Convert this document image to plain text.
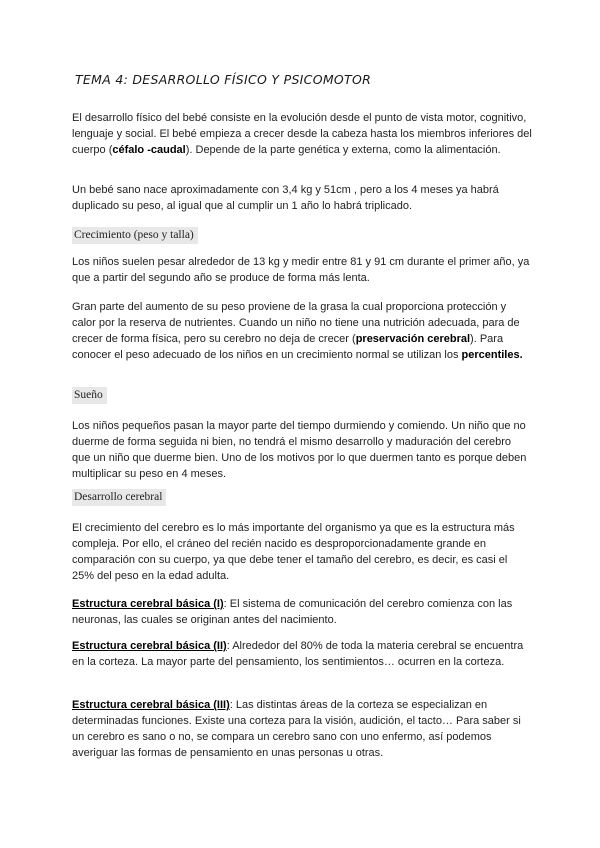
TEMA 4: DESARROLLO FÍSICO Y PSICOMOTOR

El desarrollo físico del bebé consiste en la evolución desde el punto de vista motor, cognitivo, lenguaje y social. El bebé empieza a crecer desde la cabeza hasta los miembros inferiores del cuerpo (céfalo -caudal). Depende de la parte genética y externa, como la alimentación.

Un bebé sano nace aproximadamente con 3,4 kg y 51cm , pero a los 4 meses ya habrá duplicado su peso, al igual que al cumplir un 1 año lo habrá triplicado.

Crecimiento (peso y talla)

Los niños suelen pesar alrededor de 13 kg y medir entre 81 y 91 cm durante el primer año, ya que a partir del segundo año se produce de forma más lenta.

Gran parte del aumento de su peso proviene de la grasa la cual proporciona protección y calor por la reserva de nutrientes. Cuando un niño no tiene una nutrición adecuada, para de crecer de forma física, pero su cerebro no deja de crecer (preservación cerebral). Para conocer el peso adecuado de los niños en un crecimiento normal se utilizan los percentiles.

Sueño

Los niños pequeños pasan la mayor parte del tiempo durmiendo y comiendo. Un niño que no duerme de forma seguida ni bien, no tendrá el mismo desarrollo y maduración del cerebro que un niño que duerme bien. Uno de los motivos por lo que duermen tanto es porque deben multiplicar su peso en 4 meses.

Desarrollo cerebral

El crecimiento del cerebro es lo más importante del organismo ya que es la estructura más compleja. Por ello, el cráneo del recién nacido es desproporcionadamente grande en comparación con su cuerpo, ya que debe tener el tamaño del cerebro, es decir, es casi el 25% del peso en la edad adulta.

Estructura cerebral básica (I): El sistema de comunicación del cerebro comienza con las neuronas, las cuales se originan antes del nacimiento.

Estructura cerebral básica (II): Alrededor del 80% de toda la materia cerebral se encuentra en la corteza. La mayor parte del pensamiento, los sentimientos… ocurren en la corteza.

Estructura cerebral básica (III): Las distintas áreas de la corteza se especializan en determinadas funciones. Existe una corteza para la visión, audición, el tacto… Para saber si un cerebro es sano o no, se compara un cerebro sano con uno enfermo, así podemos averiguar las formas de pensamiento en unas personas u otras.
